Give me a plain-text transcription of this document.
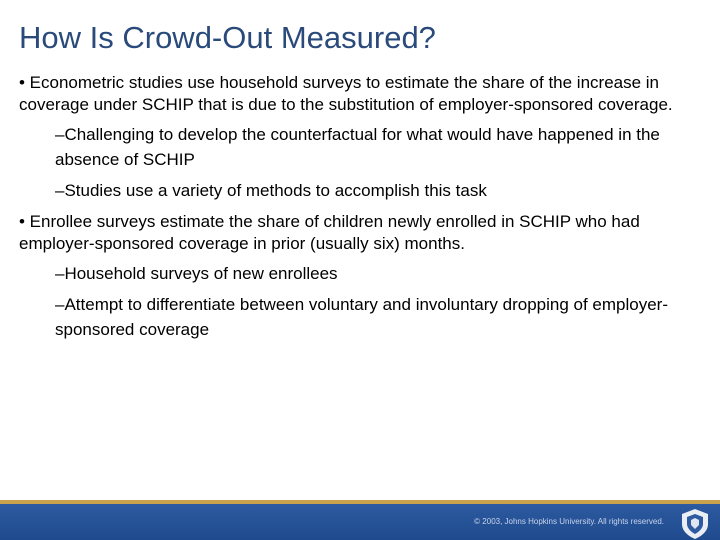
How Is Crowd-Out Measured?

• Econometric studies use household surveys to estimate the share of the increase in coverage under SCHIP that is due to the substitution of employer-sponsored coverage.

–Challenging to develop the counterfactual for what would have happened in the absence of SCHIP

–Studies use a variety of methods to accomplish this task

• Enrollee surveys estimate the share of children newly enrolled in SCHIP who had employer-sponsored coverage in prior (usually six) months.

–Household surveys of new enrollees

–Attempt to differentiate between voluntary and involuntary dropping of employer-sponsored coverage

© 2003, Johns Hopkins University. All rights reserved.
